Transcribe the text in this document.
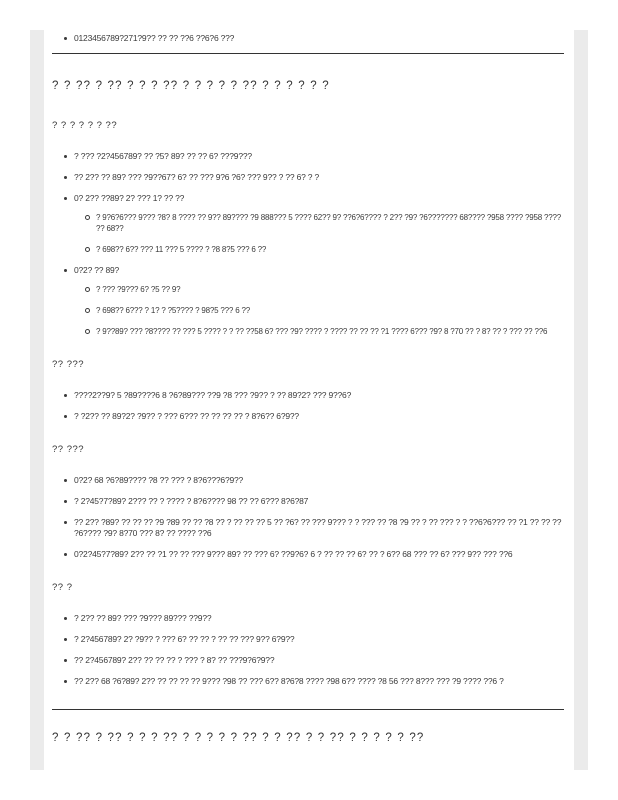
0123456789?271?9?? ?? ?? ??6 ??6?6 ???
? ? ?? ? ?? ? ? ? ?? ? ? ? ? ? ?? ? ? ? ? ? ?
? ? ? ? ? ? ??
? ??? ?2?456789? ?? ?5? 89? ?? ?? 6? ???9???
?? 2?? ?? 89? ??? ?9??67? 6? ?? ??? 9?6 ?6? ??? 9?? ? ?? 6? ? ?
0? 2?? ??89? 2? ??? 1? ?? ??
? 9?6?6??? 9??? ?8? 8 ???? ?? 9?? 89???? ?9 888??? 5 ???? 62?? 9? ??6?6???? ? 2?? ?9? ?6??????? 68???? ?958 ???? ?958 ???? ?? 68??
? 698?? 6?? ??? 11 ??? 5 ???? ? ?8 8?5 ??? 6 ??
0?2? ?? 89?
? ??? ?9??? 6? ?5 ?? 9?
? 698?? 6??? ? 1? ? ?5???? ? 98?5 ??? 6 ??
? 9??89? ??? ?8???? ?? ??? 5 ???? ? ? ?? ??58 6? ??? ?9? ???? ? ???? ?? ?? ?? ?1 ???? 6??? ?9? 8 ?70 ?? ? 8? ?? ? ??? ?? ??6
?? ???
????2??9? 5 ?89????6 8 ?6?89??? ??9 ?8 ??? ?9?? ? ?? 89?2? ??? 9??6?
? ?2?? ?? 89?2? ?9?? ? ??? 6??? ?? ?? ?? ?? ? 8?6?? 6?9??
?? ???
0?2? 68 ?6?89???? ?8 ?? ??? ? 8?6???6?9??
? 2?45?7?89? 2??? ?? ? ???? ? 8?6???? 98 ?? ?? 6??? 8?6?87
?? 2?? ?89? ?? ?? ?? ?9 ?89 ?? ?? ?8 ?? ? ?? ?? ?? 5 ?? ?6? ?? ??? 9??? ? ? ??? ?? ?8 ?9 ?? ? ?? ??? ? ? ??6?6??? ?? ?1 ?? ?? ?? ?6???? ?9? 8?70 ??? 8? ?? ???? ??6
0?2?45?7?89? 2?? ?? ?1 ?? ?? ??? 9??? 89? ?? ??? 6? ??9?6? 6 ? ?? ?? ?? 6? ?? ? 6?? 68 ??? ?? 6? ??? 9?? ??? ??6
?? ?
? 2?? ?? 89? ??? ?9??? 89??? ??9??
? 2?456789? 2? ?9?? ? ??? 6? ?? ?? ? ?? ?? ??? 9?? 6?9??
?? 2?456789? 2?? ?? ?? ?? ? ??? ? 8? ?? ???9?6?9??
?? 2?? 68 ?6?89? 2?? ?? ?? ?? ?? 9??? ?98 ?? ??? 6?? 8?6?8 ???? ?98 6?? ???? ?8 56 ??? 8??? ??? ?9 ???? ??6 ?
? ? ?? ? ?? ? ? ? ?? ? ? ? ? ? ?? ? ? ?? ? ? ?? ? ? ? ? ? ??
